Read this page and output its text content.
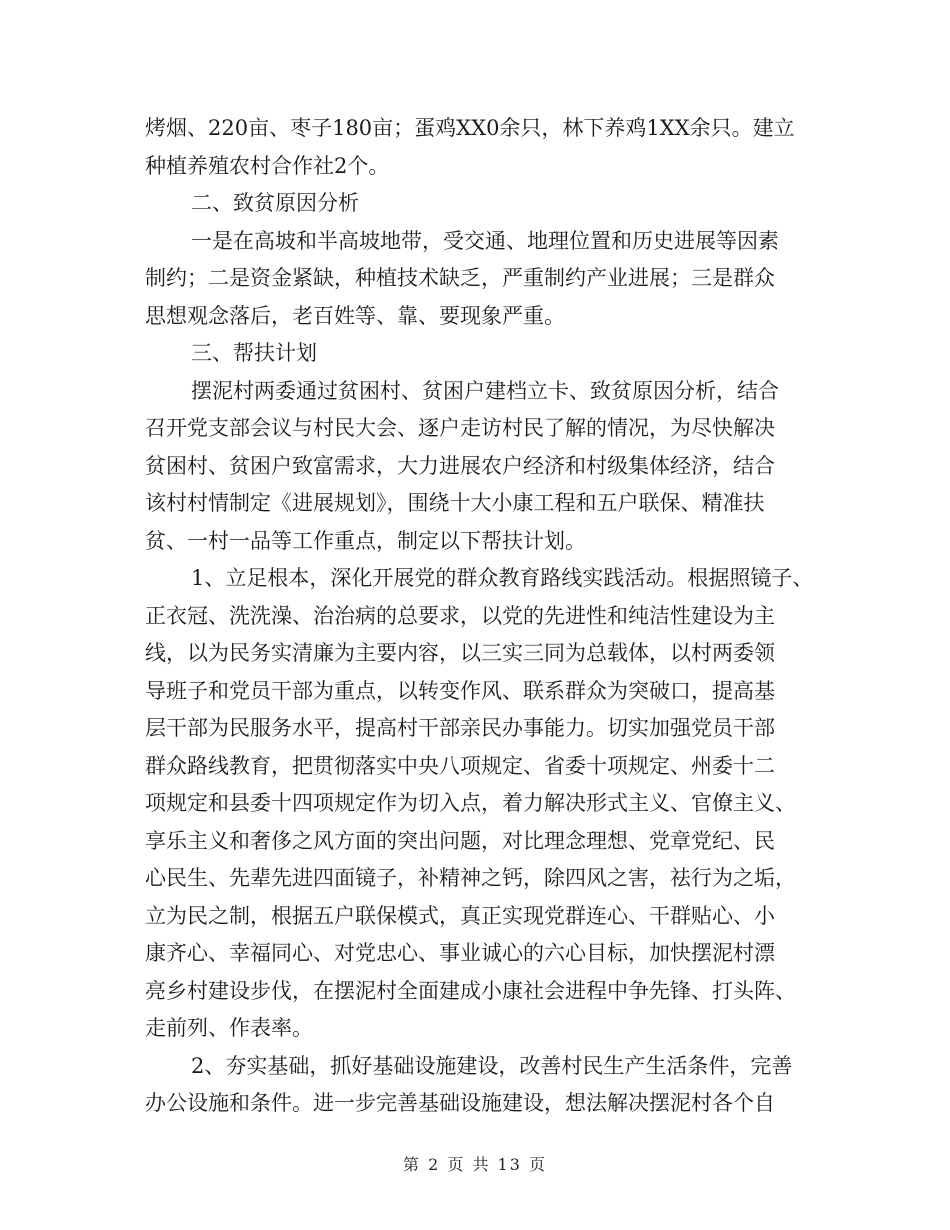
烤烟、220亩、枣子180亩；蛋鸡XX0余只，林下养鸡1XX余只。建立
种植养殖农村合作社2个。
二、致贫原因分析
一是在高坡和半高坡地带，受交通、地理位置和历史进展等因素
制约；二是资金紧缺，种植技术缺乏，严重制约产业进展；三是群众
思想观念落后，老百姓等、靠、要现象严重。
三、帮扶计划
摆泥村两委通过贫困村、贫困户建档立卡、致贫原因分析，结合
召开党支部会议与村民大会、逐户走访村民了解的情况，为尽快解决
贫困村、贫困户致富需求，大力进展农户经济和村级集体经济，结合
该村村情制定《进展规划》，围绕十大小康工程和五户联保、精准扶
贫、一村一品等工作重点，制定以下帮扶计划。
1、立足根本，深化开展党的群众教育路线实践活动。根据照镜子、
正衣冠、洗洗澡、治治病的总要求，以党的先进性和纯洁性建设为主
线，以为民务实清廉为主要内容，以三实三同为总载体，以村两委领
导班子和党员干部为重点，以转变作风、联系群众为突破口，提高基
层干部为民服务水平，提高村干部亲民办事能力。切实加强党员干部
群众路线教育，把贯彻落实中央八项规定、省委十项规定、州委十二
项规定和县委十四项规定作为切入点，着力解决形式主义、官僚主义、
享乐主义和奢侈之风方面的突出问题，对比理念理想、党章党纪、民
心民生、先辈先进四面镜子，补精神之钙，除四风之害，祛行为之垢，
立为民之制，根据五户联保模式，真正实现党群连心、干群贴心、小
康齐心、幸福同心、对党忠心、事业诚心的六心目标，加快摆泥村漂
亮乡村建设步伐，在摆泥村全面建成小康社会进程中争先锋、打头阵、
走前列、作表率。
2、夯实基础，抓好基础设施建设，改善村民生产生活条件，完善
办公设施和条件。进一步完善基础设施建设，想法解决摆泥村各个自
第 2 页 共 13 页
